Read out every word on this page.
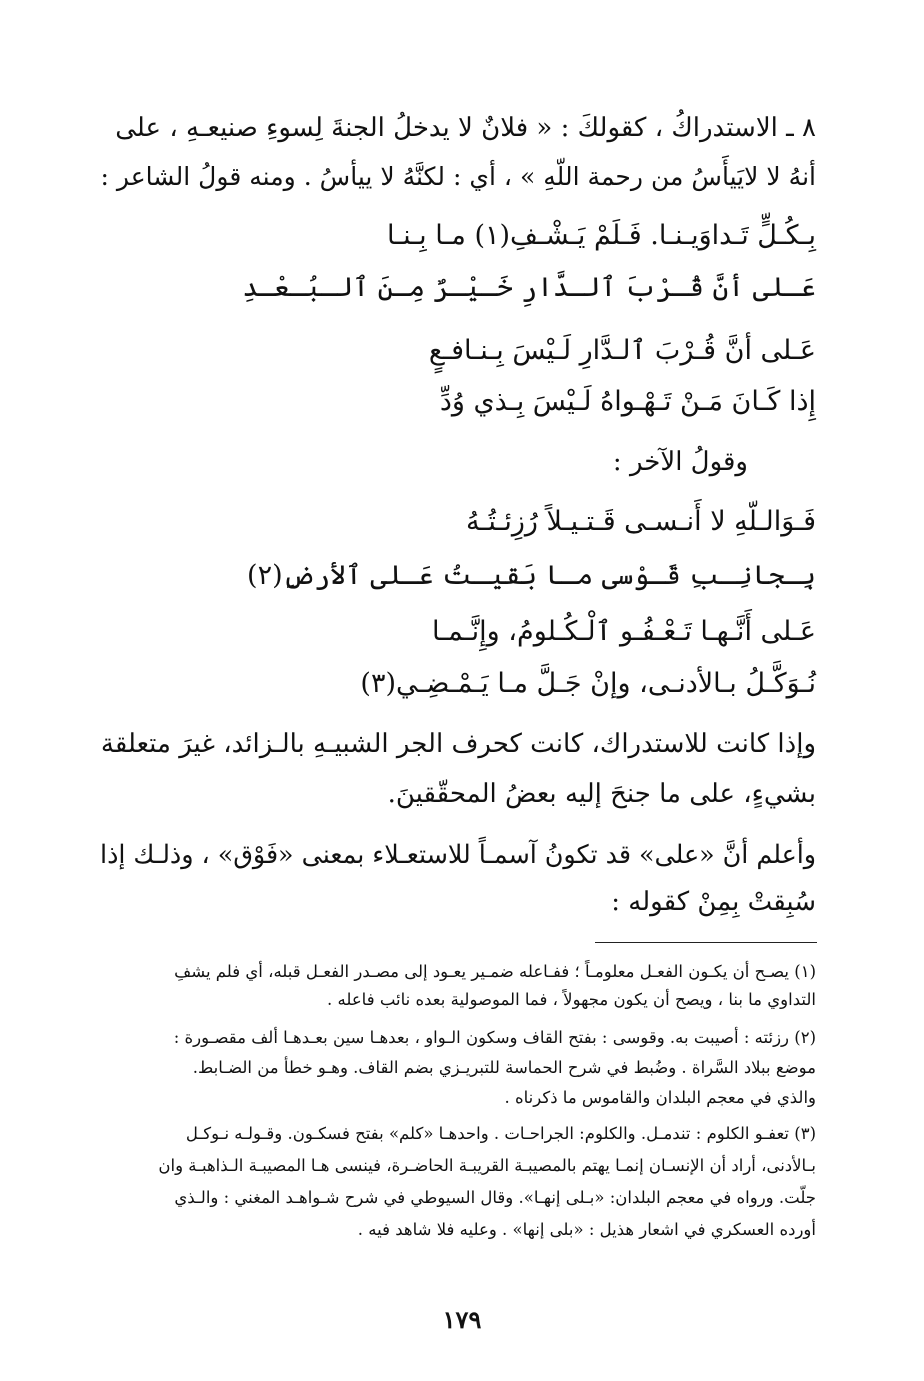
٨ ـ الاستدراكُ ، كقولكَ : « فلانٌ لا يدخلُ الجنةَ لِسوءِ صنيعـهِ ، على
أنهُ لا لايَيأَسُ من رحمة اللّهِ » ، أي : لكنَّهُ لا ييأسُ . ومنه قولُ الشاعر :
بِـكُـلٍّ تَـداوَيـنـا. فَـلَمْ يَـشْـفِ(١) مـا بِـنـا
عَـلى أنَّ قُـرْبَ ٱلـدَّارِ خَـيْـرٌ مِـنَ ٱلـبُـعْـدِ
عَـلى أنَّ قُـرْبَ ٱلـدَّارِ لَـيْسَ بِـنـافـعٍ
إِذا كَـانَ مَـنْ تَـهْـواهُ لَـيْسَ بِـذي وُدِّ
وقولُ الآخر :
فَـوَالـلّهِ لا أَنـسـى قَـتـيـلاً رُزِئـتُـهُ
بِـجانِـبِ قَـوْسى مـا بَقيـتُ عَـلى ٱلأرضِ(٢)
عَـلى أَنَّـهـا تَـعْـفُـو ٱلْـكُـلومُ، وإِنَّـمـا
نُـوَكَّـلُ بـالأدنـى، وإنْ جَـلَّ مـا يَـمْـضِـي(٣)
وإذا كانت للاستدراك، كانت كحرف الجر الشبيـهِ بالـزائد، غيرَ متعلقة
بشيءٍ، على ما جنحَ إليه بعضُ المحقّقينَ.
وأعلم أنَّ «على» قد تكونُ آسمـاً للاستعـلاء بمعنى «فَوْق» ، وذلـك إذا
سُبِقتْ بِمِنْ كقوله :
(١) يصـح أن يكـون الفعـل معلومـاً ؛ ففـاعله ضمـير يعـود إلى مصـدر الفعـل قبله، أي فلم يشفِ
التداوي ما بنا ، ويصح أن يكون مجهولاً ، فما الموصولية بعده نائب فاعله .
(٢) رزئته : أصيبت به. وقوسى : بفتح القاف وسكون الـواو ، بعدهـا سين بعـدهـا ألف مقصـورة :
موضع ببلاد السَّراة . وضُبط في شرح الحماسة للتبريـزي بضم القاف. وهـو خطأ من الضـابط.
والذي في معجم البلدان والقاموس ما ذكرناه .
(٣) تعفـو الكلوم : تندمـل. والكلوم: الجراحـات . واحدهـا «كلم» بفتح فسكـون. وقـولـه نـوكـل
بـالأدنى، أراد أن الإنسـان إنمـا يهتم بالمصيبـة القريبـة الحاضـرة، فينسى هـا المصيبـة الـذاهبـة وان
جلّت. ورواه في معجم البلدان: «بـلى إنهـا». وقال السيوطي في شرح شـواهـد المغني : والـذي
أورده العسكري في اشعار هذيل : «بلى إنها» . وعليه فلا شاهد فيه .
١٧٩
